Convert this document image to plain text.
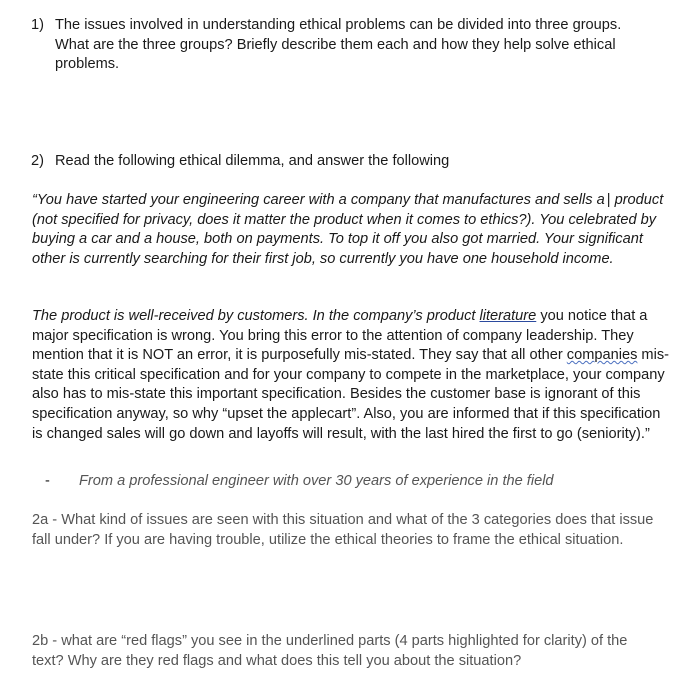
1) The issues involved in understanding ethical problems can be divided into three groups. What are the three groups? Briefly describe them each and how they help solve ethical problems.
2) Read the following ethical dilemma, and answer the following
“You have started your engineering career with a company that manufactures and sells a | product (not specified for privacy, does it matter the product when it comes to ethics?). You celebrated by buying a car and a house, both on payments. To top it off you also got married. Your significant other is currently searching for their first job, so currently you have one household income.
The product is well-received by customers. In the company’s product literature you notice that a major specification is wrong. You bring this error to the attention of company leadership. They mention that it is NOT an error, it is purposefully mis-stated. They say that all other companies mis-state this critical specification and for your company to compete in the marketplace, your company also has to mis-state this important specification. Besides the customer base is ignorant of this specification anyway, so why “upset the applecart”. Also, you are informed that if this specification is changed sales will go down and layoffs will result, with the last hired the first to go (seniority).”
- From a professional engineer with over 30 years of experience in the field
2a - What kind of issues are seen with this situation and what of the 3 categories does that issue fall under? If you are having trouble, utilize the ethical theories to frame the ethical situation.
2b - what are “red flags” you see in the underlined parts (4 parts highlighted for clarity) of the text? Why are they red flags and what does this tell you about the situation?
